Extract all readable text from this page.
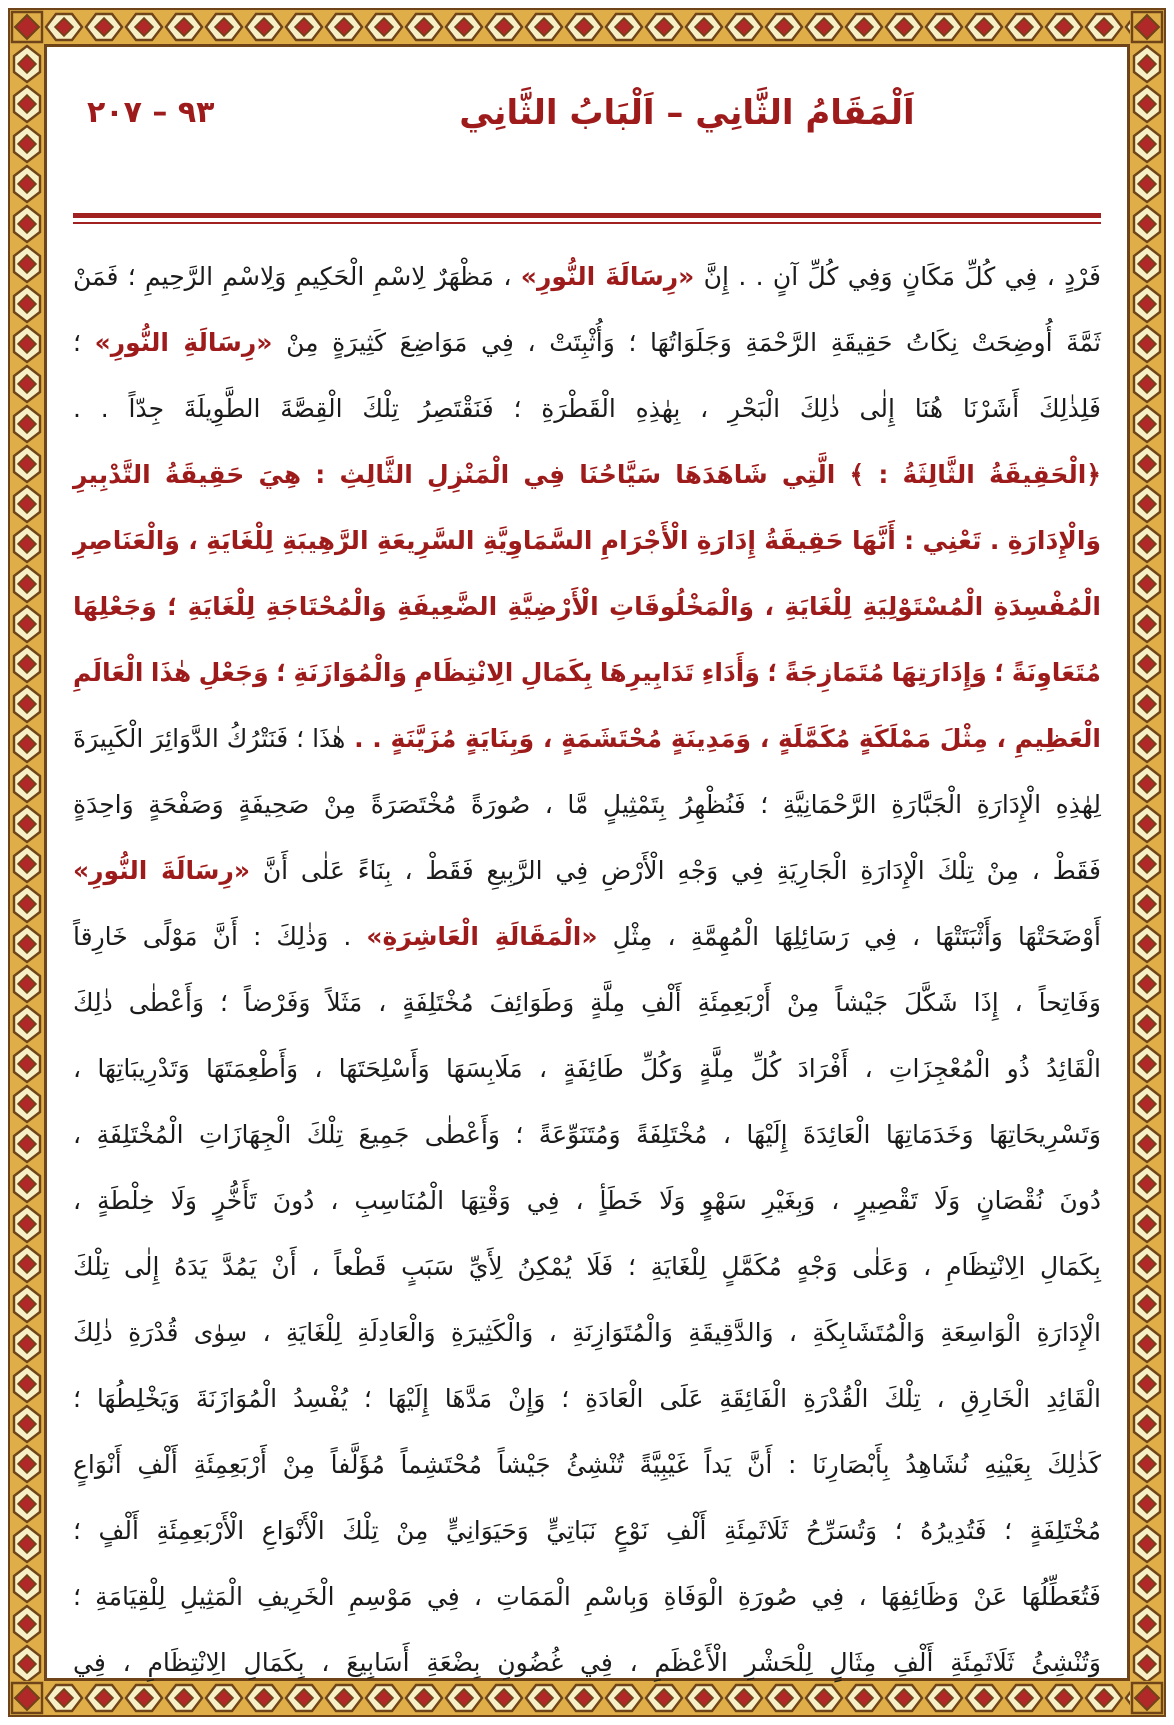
٩٣ – ٢٠٧	اَلْمَقَامُ الثَّانِي – اَلْبَابُ الثَّانِي
فَرْدٍ ، فِي كُلِّ مَكَانٍ وَفِي كُلِّ آنٍ . . إِنَّ «رِسَالَةَ النُّورِ» ، مَظْهَرٌ لِاسْمِ الْحَكِيمِ وَلِاسْمِ الرَّحِيمِ ؛ فَمَنْ
ثَمَّةَ أُوضِحَتْ نِكَاتُ حَقِيقَةِ الرَّحْمَةِ وَجَلَوَاتُهَا ؛ وَأُثْبِتَتْ ، فِي مَوَاضِعَ كَثِيرَةٍ مِنْ «رِسَالَةِ النُّورِ» ؛
فَلِذٰلِكَ أَشَرْنَا هُنَا إِلٰى ذٰلِكَ الْبَحْرِ ، بِهٰذِهِ الْقَطْرَةِ ؛ فَنَقْتَصِرُ تِلْكَ الْقِصَّةَ الطَّوِيلَةَ جِدّاً . .
﴿الْحَقِيقَةُ الثَّالِثَةُ : ﴾ الَّتِي شَاهَدَهَا سَيَّاحُنَا فِي الْمَنْزِلِ الثَّالِثِ : هِيَ حَقِيقَةُ التَّدْبِيرِ
وَالْإِدَارَةِ . تَعْنِي : أَنَّهَا حَقِيقَةُ إِدَارَةِ الْأَجْرَامِ السَّمَاوِيَّةِ السَّرِيعَةِ الرَّهِيبَةِ لِلْغَايَةِ ، وَالْعَنَاصِرِ
الْمُفْسِدَةِ الْمُسْتَوْلِيَةِ لِلْغَايَةِ ، وَالْمَخْلُوقَاتِ الْأَرْضِيَّةِ الضَّعِيفَةِ وَالْمُحْتَاجَةِ لِلْغَايَةِ ؛ وَجَعْلِهَا
مُتَعَاوِنَةً ؛ وَإِدَارَتِهَا مُتَمَازِجَةً ؛ وَأَدَاءِ تَدَابِيرِهَا بِكَمَالِ الِانْتِظَامِ وَالْمُوَازَنَةِ ؛ وَجَعْلِ هٰذَا الْعَالَمِ
الْعَظِيمِ ، مِثْلَ مَمْلَكَةٍ مُكَمَّلَةٍ ، وَمَدِينَةٍ مُحْتَشَمَةٍ ، وَبِنَايَةٍ مُزَيَّنَةٍ . . هٰذَا ؛ فَنَتْرُكُ الدَّوَائِرَ الْكَبِيرَةَ
لِهٰذِهِ الْإِدَارَةِ الْجَبَّارَةِ الرَّحْمَانِيَّةِ ؛ فَنُظْهِرُ بِتَمْثِيلٍ مَّا ، صُورَةً مُخْتَصَرَةً مِنْ صَحِيفَةٍ وَصَفْحَةٍ وَاحِدَةٍ
فَقَطْ ، مِنْ تِلْكَ الْإِدَارَةِ الْجَارِيَةِ فِي وَجْهِ الْأَرْضِ فِي الرَّبِيعِ فَقَطْ ، بِنَاءً عَلٰى أَنَّ «رِسَالَةَ النُّورِ»
أَوْضَحَتْهَا وَأَثْبَتَتْهَا ، فِي رَسَائِلِهَا الْمُهِمَّةِ ، مِثْلِ «الْمَقَالَةِ الْعَاشِرَةِ» . وَذٰلِكَ : أَنَّ مَوْلًى خَارِقاً
وَفَاتِحاً ، إِذَا شَكَّلَ جَيْشاً مِنْ أَرْبَعِمِئَةِ أَلْفِ مِلَّةٍ وَطَوَائِفَ مُخْتَلِفَةٍ ، مَثَلاً وَفَرْضاً ؛ وَأَعْطٰى ذٰلِكَ
الْقَائِدُ ذُو الْمُعْجِزَاتِ ، أَفْرَادَ كُلِّ مِلَّةٍ وَكُلِّ طَائِفَةٍ ، مَلَابِسَهَا وَأَسْلِحَتَهَا ، وَأَطْعِمَتَهَا وَتَدْرِيبَاتِهَا ،
وَتَسْرِيحَاتِهَا وَخَدَمَاتِهَا الْعَائِدَةَ إِلَيْهَا ، مُخْتَلِفَةً وَمُتَنَوِّعَةً ؛ وَأَعْطٰى جَمِيعَ تِلْكَ الْجِهَازَاتِ الْمُخْتَلِفَةِ ،
دُونَ نُقْصَانٍ وَلَا تَقْصِيرٍ ، وَبِغَيْرِ سَهْوٍ وَلَا خَطَأٍ ، فِي وَقْتِهَا الْمُنَاسِبِ ، دُونَ تَأَخُّرٍ وَلَا خِلْطَةٍ ،
بِكَمَالِ الِانْتِظَامِ ، وَعَلٰى وَجْهٍ مُكَمَّلٍ لِلْغَايَةِ ؛ فَلَا يُمْكِنُ لِأَيِّ سَبَبٍ قَطْعاً ، أَنْ يَمُدَّ يَدَهُ إِلٰى تِلْكَ
الْإِدَارَةِ الْوَاسِعَةِ وَالْمُتَشَابِكَةِ ، وَالدَّقِيقَةِ وَالْمُتَوَازِنَةِ ، وَالْكَثِيرَةِ وَالْعَادِلَةِ لِلْغَايَةِ ، سِوٰى قُدْرَةِ ذٰلِكَ
الْقَائِدِ الْخَارِقِ ، تِلْكَ الْقُدْرَةِ الْفَائِقَةِ عَلَى الْعَادَةِ ؛ وَإِنْ مَدَّهَا إِلَيْهَا ؛ يُفْسِدُ الْمُوَازَنَةَ وَيَخْلِطُهَا ؛
كَذٰلِكَ بِعَيْنِهِ نُشَاهِدُ بِأَبْصَارِنَا : أَنَّ يَداً غَيْبِيَّةً تُنْشِئُ جَيْشاً مُحْتَشِماً مُؤَلَّفاً مِنْ أَرْبَعِمِئَةِ أَلْفِ أَنْوَاعٍ
مُخْتَلِفَةٍ ؛ فَتُدِيرُهُ ؛ وَتُسَرِّحُ ثَلَاثَمِئَةِ أَلْفِ نَوْعٍ نَبَاتِيٍّ وَحَيَوَانِيٍّ مِنْ تِلْكَ الْأَنْوَاعِ الْأَرْبَعِمِئَةِ أَلْفٍ ؛
فَتُعَطِّلُهَا عَنْ وَظَائِفِهَا ، فِي صُورَةِ الْوَفَاةِ وَبِاسْمِ الْمَمَاتِ ، فِي مَوْسِمِ الْخَرِيفِ الْمَثِيلِ لِلْقِيَامَةِ ؛
وَتُنْشِئُ ثَلَاثَمِئَةِ أَلْفِ مِثَالٍ لِلْحَشْرِ الْأَعْظَمِ ، فِي غُضُونِ بِضْعَةِ أَسَابِيعَ ، بِكَمَالِ الِانْتِظَامِ ، فِي
